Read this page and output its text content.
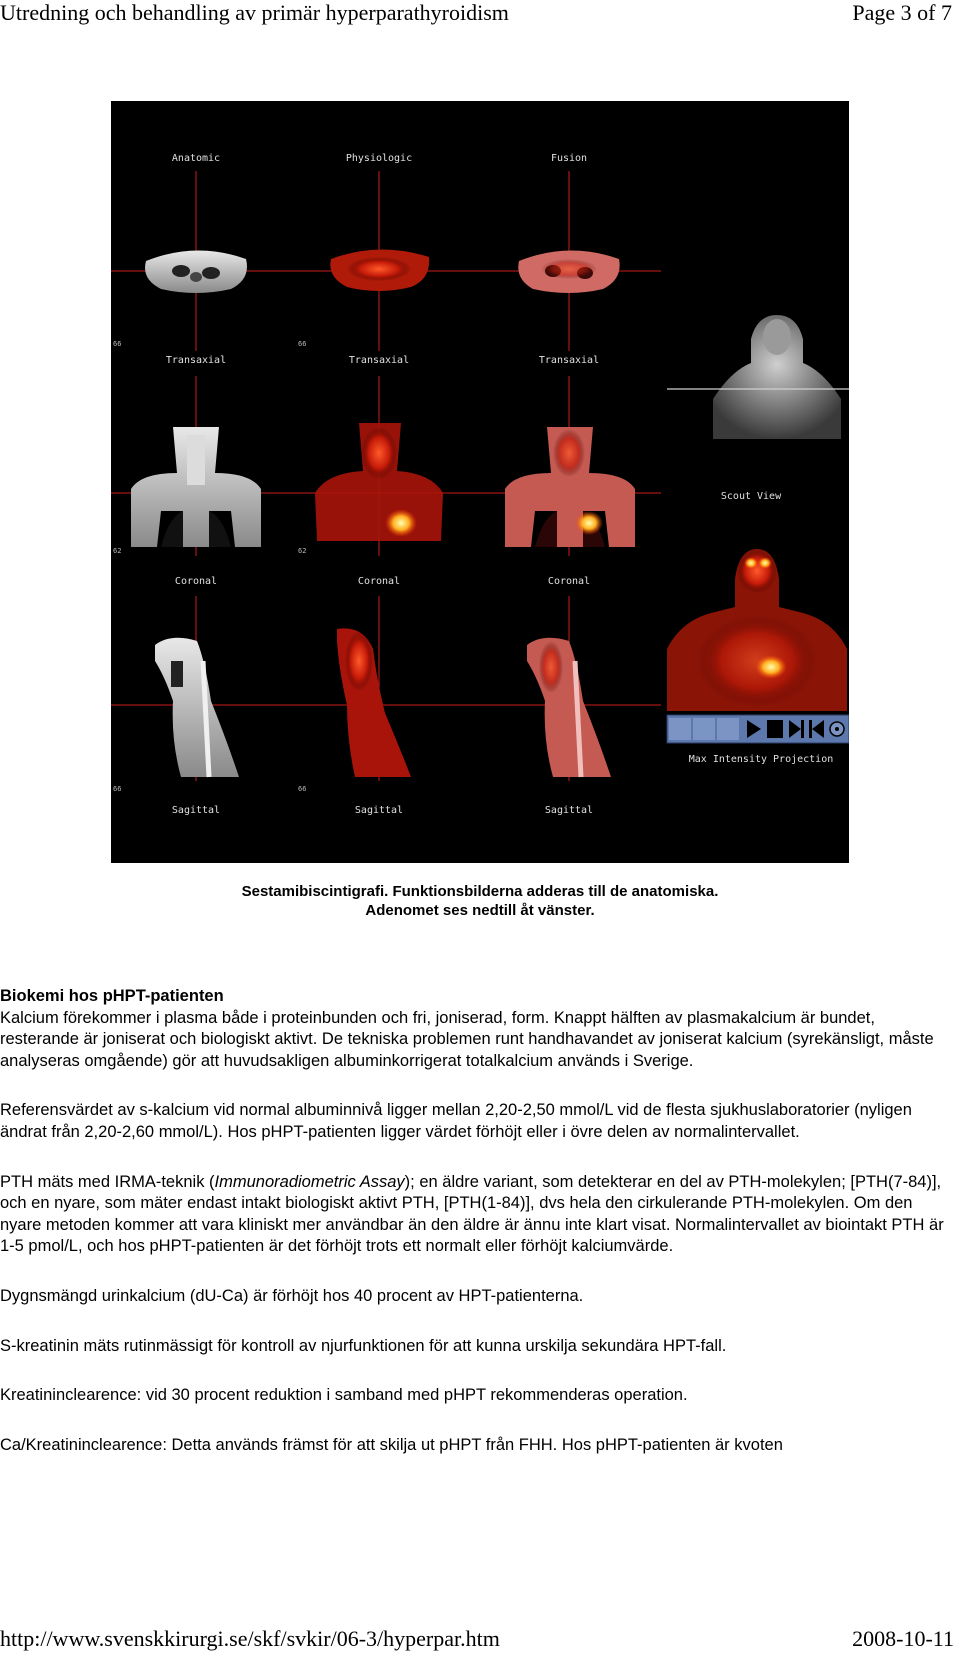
Utredning och behandling av primär hyperparathyroidism	Page 3 of 7
Anatomic	Physiologic	Fusion
66	66
Transaxial	Transaxial	Transaxial
Scout View
62	62
Coronal	Coronal	Coronal
Max Intensity Projection
66	66
Sagittal	Sagittal	Sagittal
Sestamibiscintigrafi. Funktionsbilderna adderas till de anatomiska.
Adenomet ses nedtill åt vänster.
Biokemi hos pHPT-patienten

Kalcium förekommer i plasma både i proteinbunden och fri, joniserad, form. Knappt hälften av plasmakalcium är bundet, resterande är joniserat och biologiskt aktivt. De tekniska problemen runt handhavandet av joniserat kalcium (syrekänsligt, måste analyseras omgående) gör att huvudsakligen albuminkorrigerat totalkalcium används i Sverige.

Referensvärdet av s-kalcium vid normal albuminnivå ligger mellan 2,20-2,50 mmol/L vid de flesta sjukhuslaboratorier (nyligen ändrat från 2,20-2,60 mmol/L). Hos pHPT-patienten ligger värdet förhöjt eller i övre delen av normalintervallet.

PTH mäts med IRMA-teknik (Immunoradiometric Assay); en äldre variant, som detekterar en del av PTH-molekylen; [PTH(7-84)], och en nyare, som mäter endast intakt biologiskt aktivt PTH, [PTH(1-84)], dvs hela den cirkulerande PTH-molekylen. Om den nyare metoden kommer att vara kliniskt mer användbar än den äldre är ännu inte klart visat. Normalintervallet av biointakt PTH är 1-5 pmol/L, och hos pHPT-patienten är det förhöjt trots ett normalt eller förhöjt kalciumvärde.

Dygnsmängd urinkalcium (dU-Ca) är förhöjt hos 40 procent av HPT-patienterna.

S-kreatinin mäts rutinmässigt för kontroll av njurfunktionen för att kunna urskilja sekundära HPT-fall.

Kreatininclearence: vid 30 procent reduktion i samband med pHPT rekommenderas operation.

Ca/Kreatininclearence: Detta används främst för att skilja ut pHPT från FHH. Hos pHPT-patienten är kvoten

http://www.svenskkirurgi.se/skf/svkir/06-3/hyperpar.htm	2008-10-11
